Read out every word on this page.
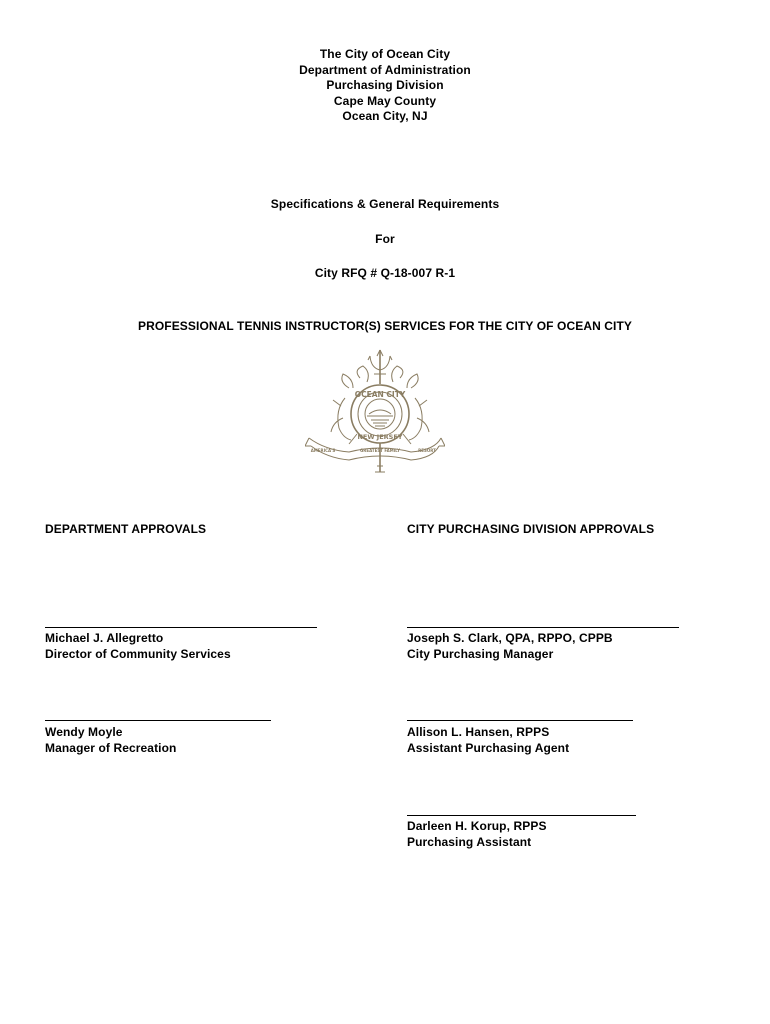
The City of Ocean City
Department of Administration
Purchasing Division
Cape May County
Ocean City, NJ
Specifications & General Requirements
For
City RFQ # Q-18-007 R-1
PROFESSIONAL TENNIS INSTRUCTOR(S) SERVICES FOR THE CITY OF OCEAN CITY
OCEAN CITY
NEW JERSEY
AMERICA'S	GREATEST FAMILY	RESORT
DEPARTMENT APPROVALS	CITY PURCHASING DIVISION APPROVALS
Michael J. Allegretto
Director of Community Services
Wendy Moyle
Manager of Recreation
Joseph S. Clark, QPA, RPPO, CPPB
City Purchasing Manager
Allison L. Hansen, RPPS
Assistant Purchasing Agent
Darleen H. Korup, RPPS
Purchasing Assistant
